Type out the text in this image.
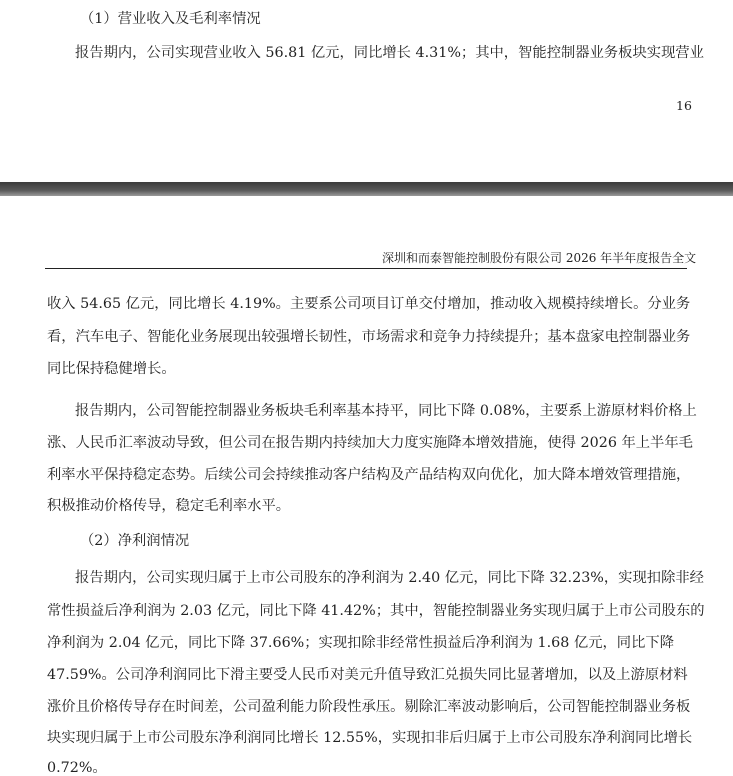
（1）营业收入及毛利率情况
报告期内，公司实现营业收入 56.81 亿元，同比增长 4.31%；其中，智能控制器业务板块实现营业
16
深圳和而泰智能控制股份有限公司 2026 年半年度报告全文
收入 54.65 亿元，同比增长 4.19%。主要系公司项目订单交付增加，推动收入规模持续增长。分业务
看，汽车电子、智能化业务展现出较强增长韧性，市场需求和竞争力持续提升；基本盘家电控制器业务
同比保持稳健增长。
报告期内，公司智能控制器业务板块毛利率基本持平，同比下降 0.08%，主要系上游原材料价格上
涨、人民币汇率波动导致，但公司在报告期内持续加大力度实施降本增效措施，使得 2026 年上半年毛
利率水平保持稳定态势。后续公司会持续推动客户结构及产品结构双向优化，加大降本增效管理措施，
积极推动价格传导，稳定毛利率水平。
（2）净利润情况
报告期内，公司实现归属于上市公司股东的净利润为 2.40 亿元，同比下降 32.23%，实现扣除非经
常性损益后净利润为 2.03 亿元，同比下降 41.42%；其中，智能控制器业务实现归属于上市公司股东的
净利润为 2.04 亿元，同比下降 37.66%；实现扣除非经常性损益后净利润为 1.68 亿元，同比下降
47.59%。公司净利润同比下滑主要受人民币对美元升值导致汇兑损失同比显著增加，以及上游原材料
涨价且价格传导存在时间差，公司盈利能力阶段性承压。剔除汇率波动影响后，公司智能控制器业务板
块实现归属于上市公司股东净利润同比增长 12.55%，实现扣非后归属于上市公司股东净利润同比增长
0.72%。
